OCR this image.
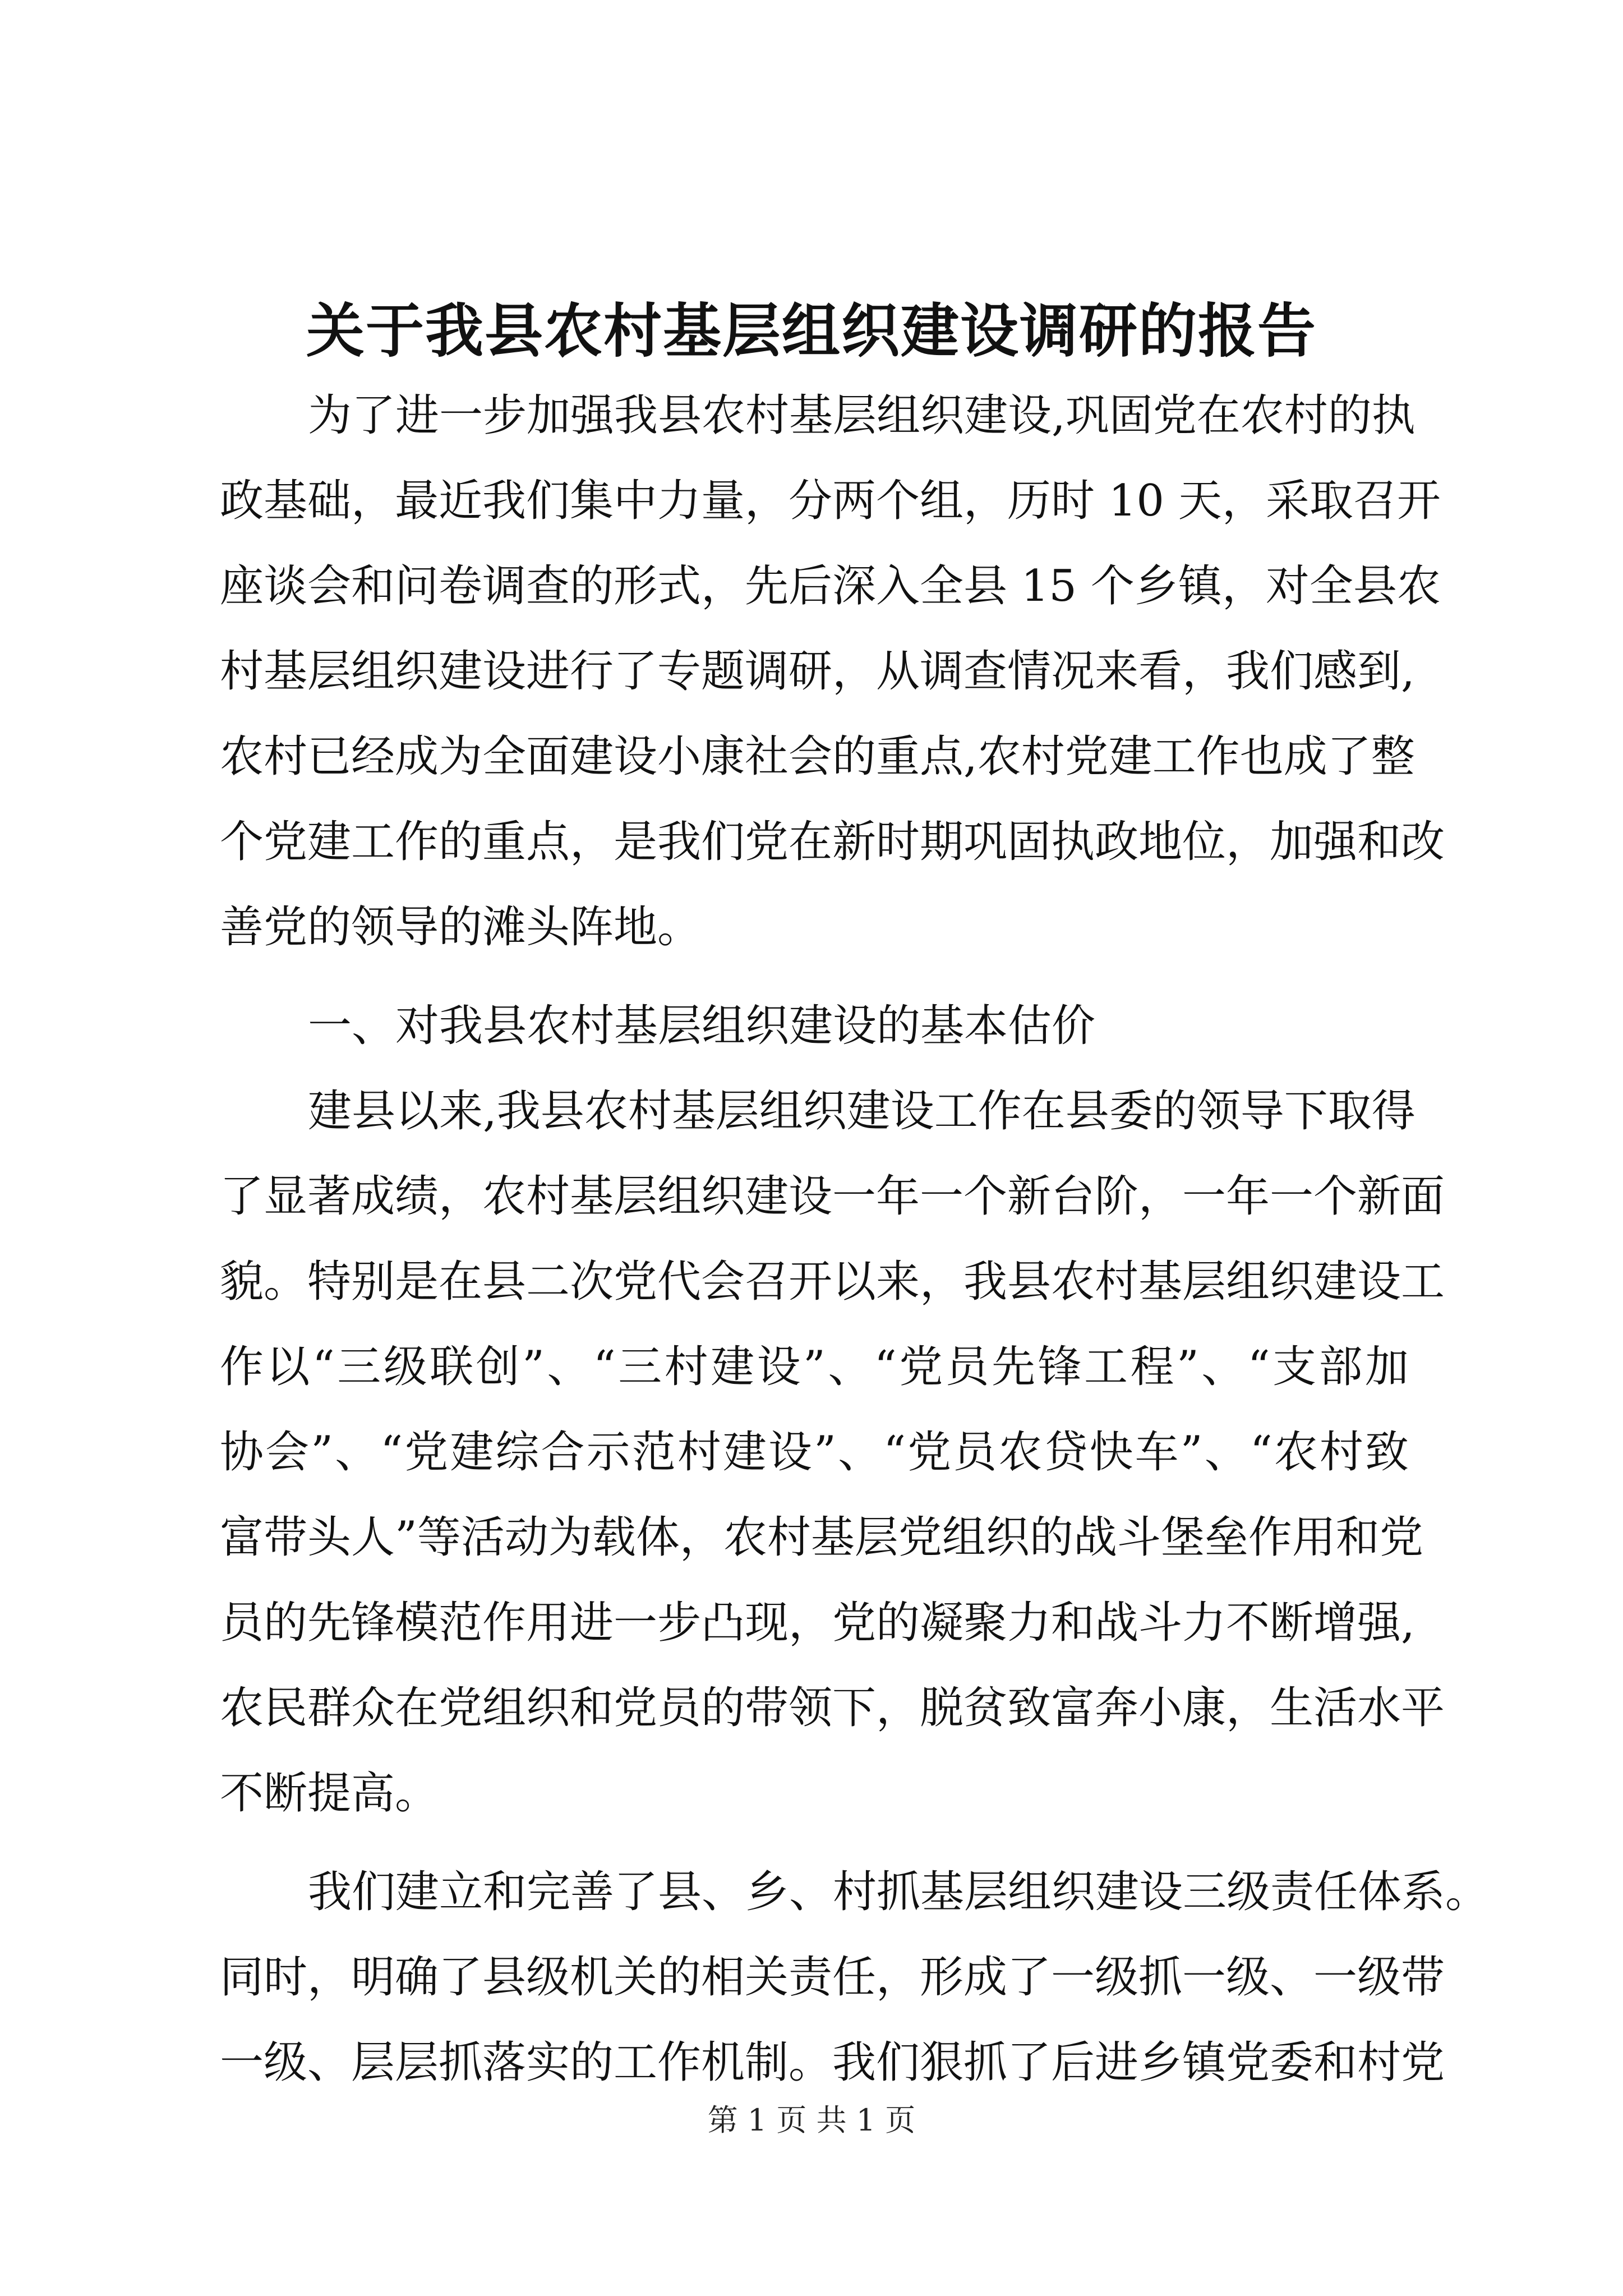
关于我县农村基层组织建设调研的报告
为了进一步加强我县农村基层组织建设,巩固党在农村的执
政基础，最近我们集中力量，分两个组，历时 10 天，采取召开
座谈会和问卷调查的形式，先后深入全县 15 个乡镇，对全县农
村基层组织建设进行了专题调研，从调查情况来看，我们感到,
农村已经成为全面建设小康社会的重点,农村党建工作也成了整
个党建工作的重点，是我们党在新时期巩固执政地位，加强和改
善党的领导的滩头阵地。
一、对我县农村基层组织建设的基本估价
建县以来,我县农村基层组织建设工作在县委的领导下取得
了显著成绩，农村基层组织建设一年一个新台阶，一年一个新面
貌。特别是在县二次党代会召开以来，我县农村基层组织建设工
作以“三级联创”、“三村建设”、“党员先锋工程”、“支部加
协会”、“党建综合示范村建设”、“党员农贷快车”、“农村致
富带头人”等活动为载体，农村基层党组织的战斗堡垒作用和党
员的先锋模范作用进一步凸现，党的凝聚力和战斗力不断增强,
农民群众在党组织和党员的带领下，脱贫致富奔小康，生活水平
不断提高。
我们建立和完善了县、乡、村抓基层组织建设三级责任体系。
同时，明确了县级机关的相关责任，形成了一级抓一级、一级带
一级、层层抓落实的工作机制。我们狠抓了后进乡镇党委和村党
第 1 页 共 1 页
